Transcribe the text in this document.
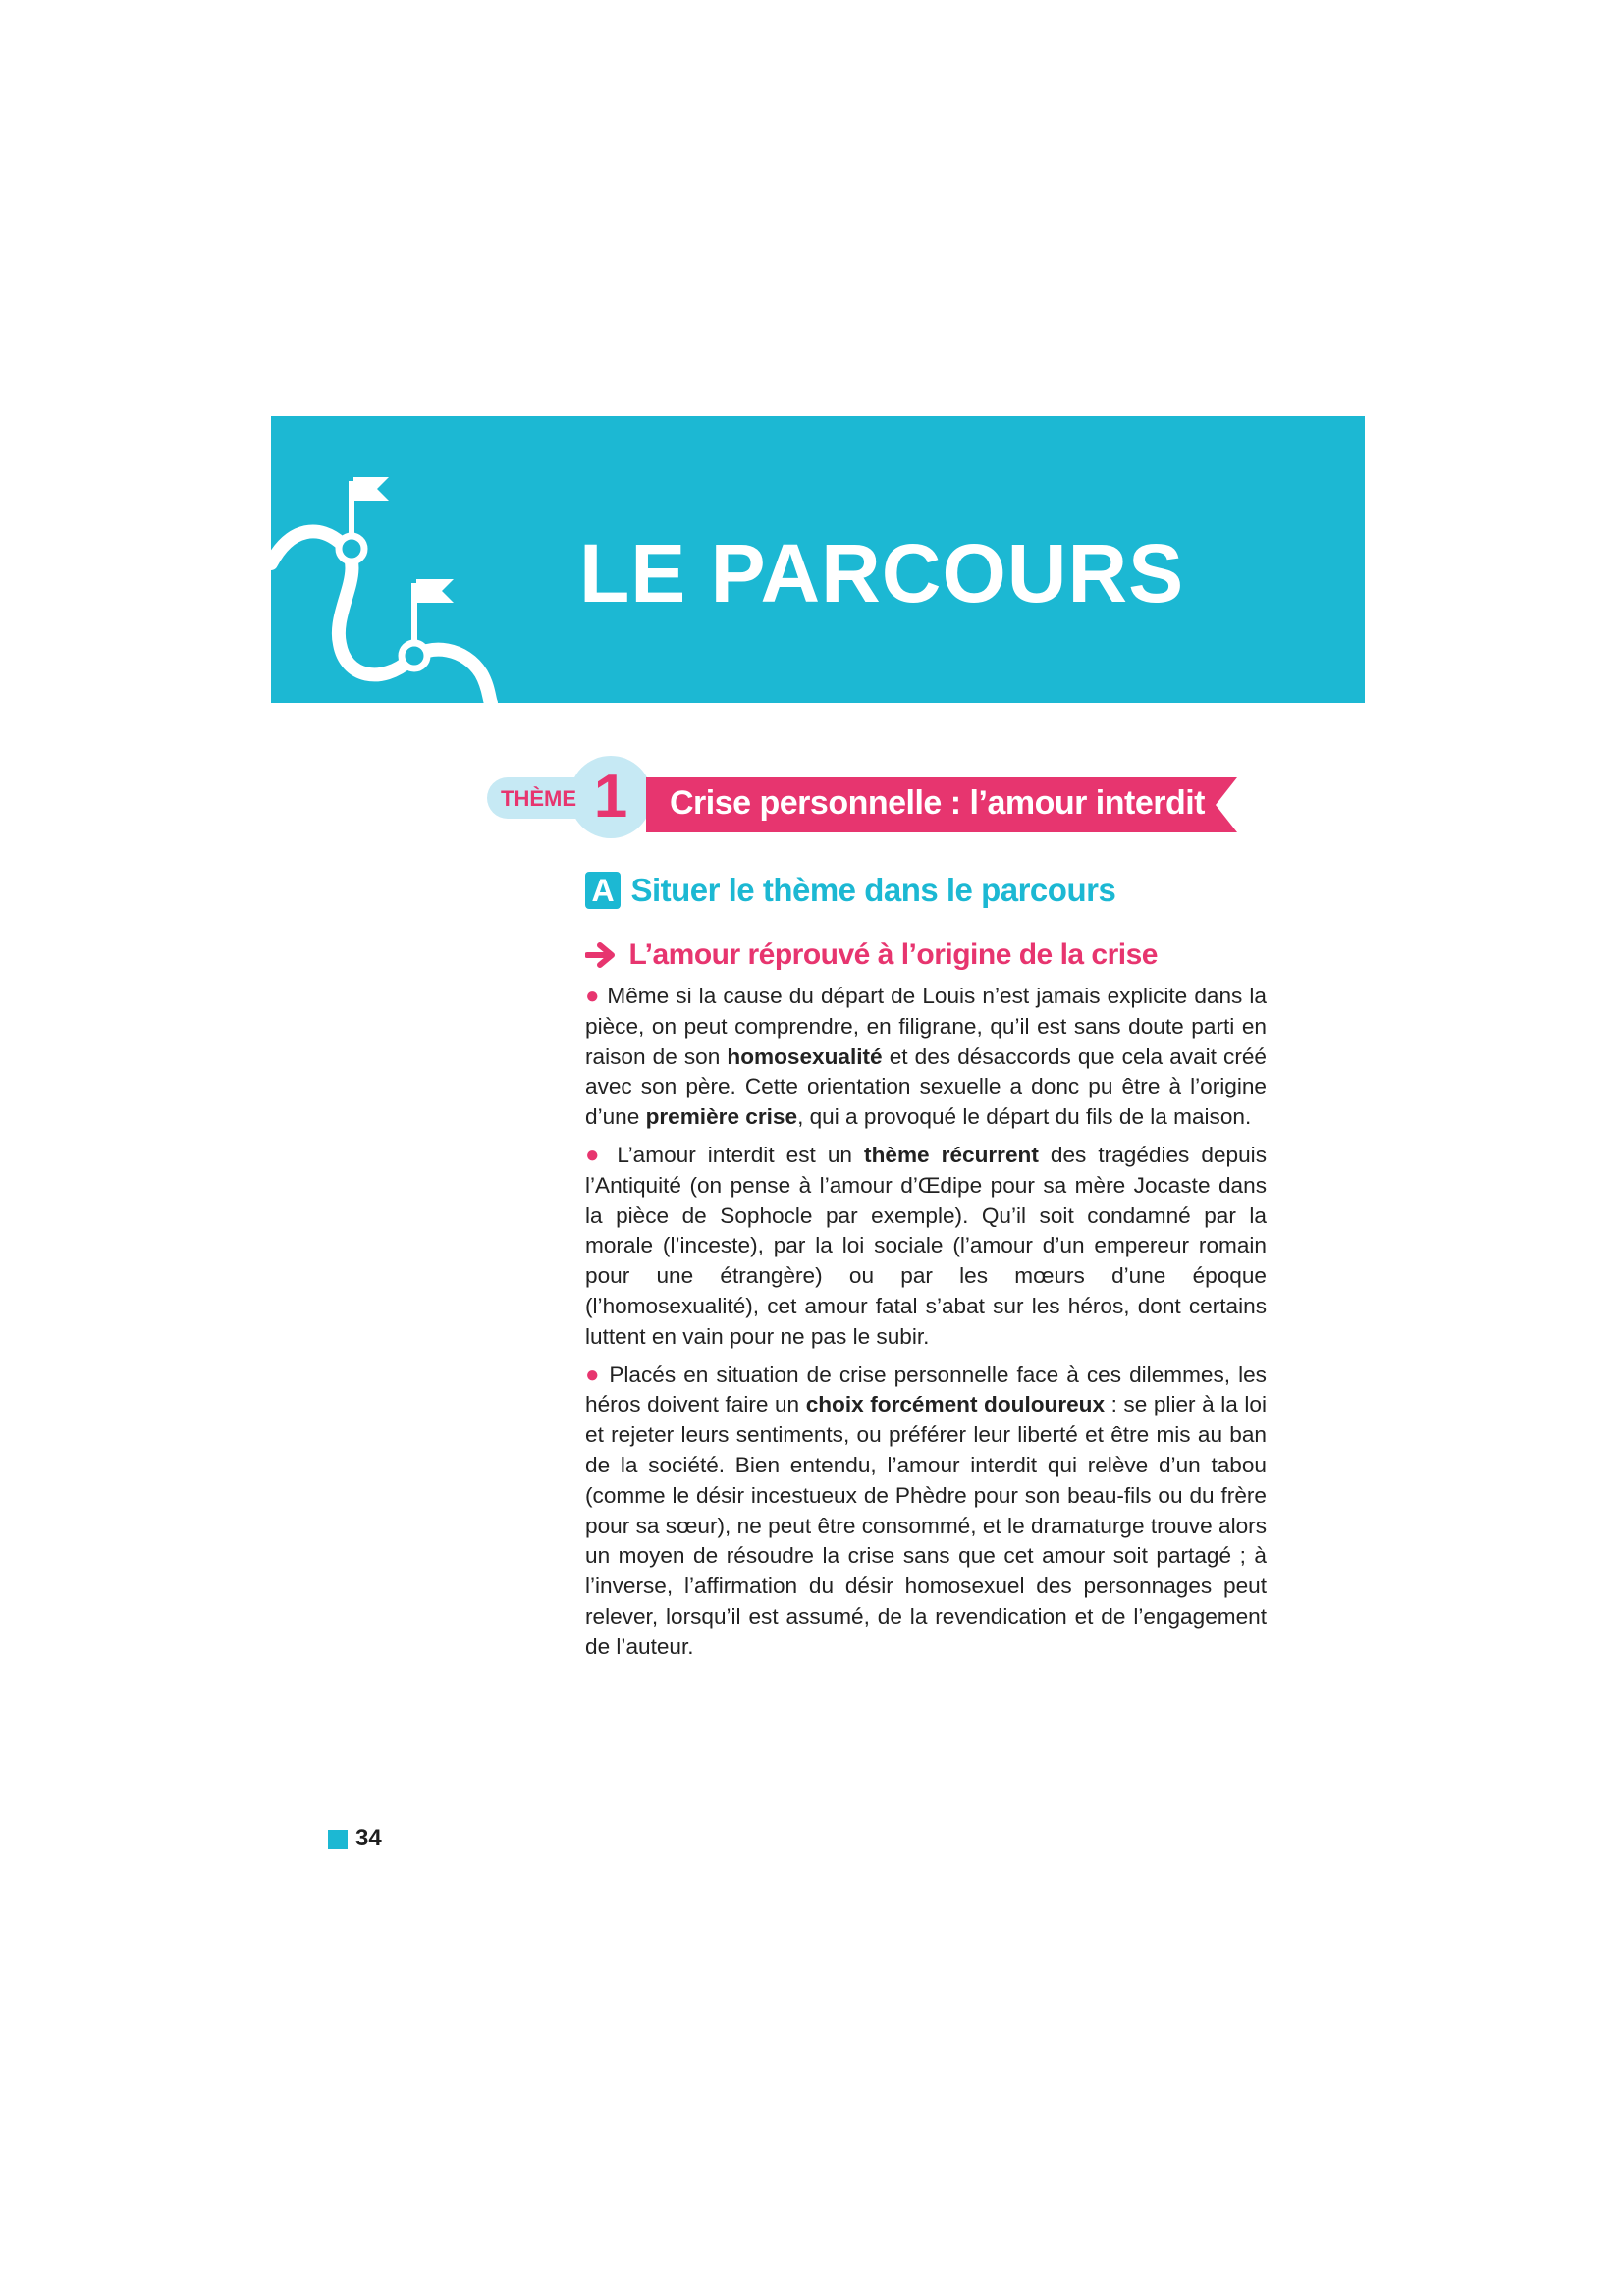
LE PARCOURS
THÈME 1	Crise personnelle : l’amour interdit
A Situer le thème dans le parcours
L’amour réprouvé à l’origine de la crise

● Même si la cause du départ de Louis n’est jamais explicite dans la pièce, on peut comprendre, en filigrane, qu’il est sans doute parti en raison de son homosexualité et des désaccords que cela avait créé avec son père. Cette orientation sexuelle a donc pu être à l’origine d’une première crise, qui a provoqué le départ du fils de la maison.

● L’amour interdit est un thème récurrent des tragédies depuis l’Antiquité (on pense à l’amour d’Œdipe pour sa mère Jocaste dans la pièce de Sophocle par exemple). Qu’il soit condamné par la morale (l’inceste), par la loi sociale (l’amour d’un empereur romain pour une étrangère) ou par les mœurs d’une époque (l’homosexualité), cet amour fatal s’abat sur les héros, dont certains luttent en vain pour ne pas le subir.

● Placés en situation de crise personnelle face à ces dilemmes, les héros doivent faire un choix forcément douloureux : se plier à la loi et rejeter leurs sentiments, ou préférer leur liberté et être mis au ban de la société. Bien entendu, l’amour interdit qui relève d’un tabou (comme le désir incestueux de Phèdre pour son beau-fils ou du frère pour sa sœur), ne peut être consommé, et le dramaturge trouve alors un moyen de résoudre la crise sans que cet amour soit partagé ; à l’inverse, l’affirmation du désir homosexuel des personnages peut relever, lorsqu’il est assumé, de la revendication et de l’engagement de l’auteur.

34
